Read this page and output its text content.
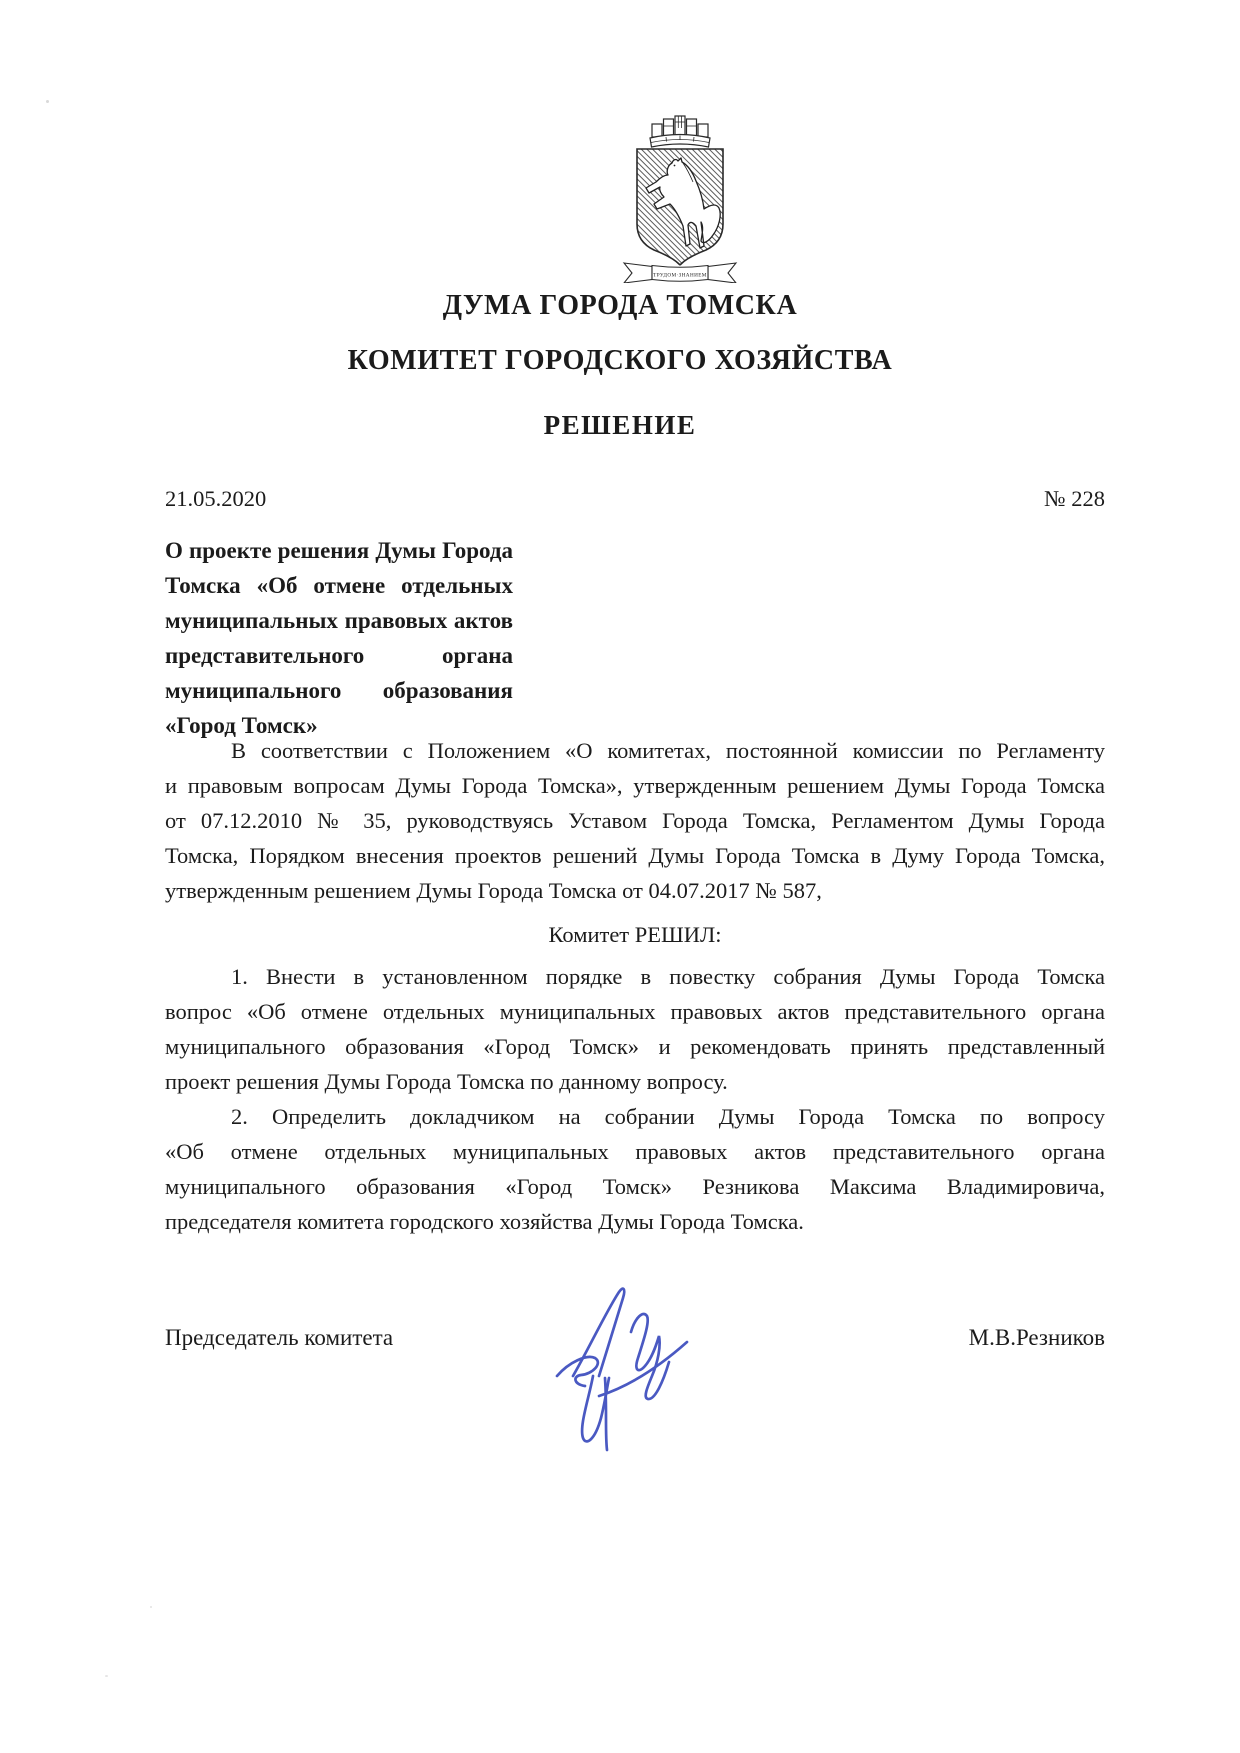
ТРУДОМ·ЗНАНИЕМ
ДУМА ГОРОДА ТОМСКА
КОМИТЕТ ГОРОДСКОГО ХОЗЯЙСТВА
РЕШЕНИЕ
21.05.2020	№ 228
О проекте решения Думы Города
Томска «Об отмене отдельных
муниципальных правовых актов
представительного органа
муниципального образования
«Город Томск»
В соответствии с Положением «О комитетах, постоянной комиссии по Регламенту
и правовым вопросам Думы Города Томска», утвержденным решением Думы Города Томска
от 07.12.2010 № 35, руководствуясь Уставом Города Томска, Регламентом Думы Города
Томска, Порядком внесения проектов решений Думы Города Томска в Думу Города Томска,
утвержденным решением Думы Города Томска от 04.07.2017 № 587,
Комитет РЕШИЛ:
1. Внести в установленном порядке в повестку собрания Думы Города Томска
вопрос «Об отмене отдельных муниципальных правовых актов представительного органа
муниципального образования «Город Томск» и рекомендовать принять представленный
проект решения Думы Города Томска по данному вопросу.
2. Определить докладчиком на собрании Думы Города Томска по вопросу
«Об отмене отдельных муниципальных правовых актов представительного органа
муниципального образования «Город Томск» Резникова Максима Владимировича,
председателя комитета городского хозяйства Думы Города Томска.
Председатель комитета	М.В.Резников
